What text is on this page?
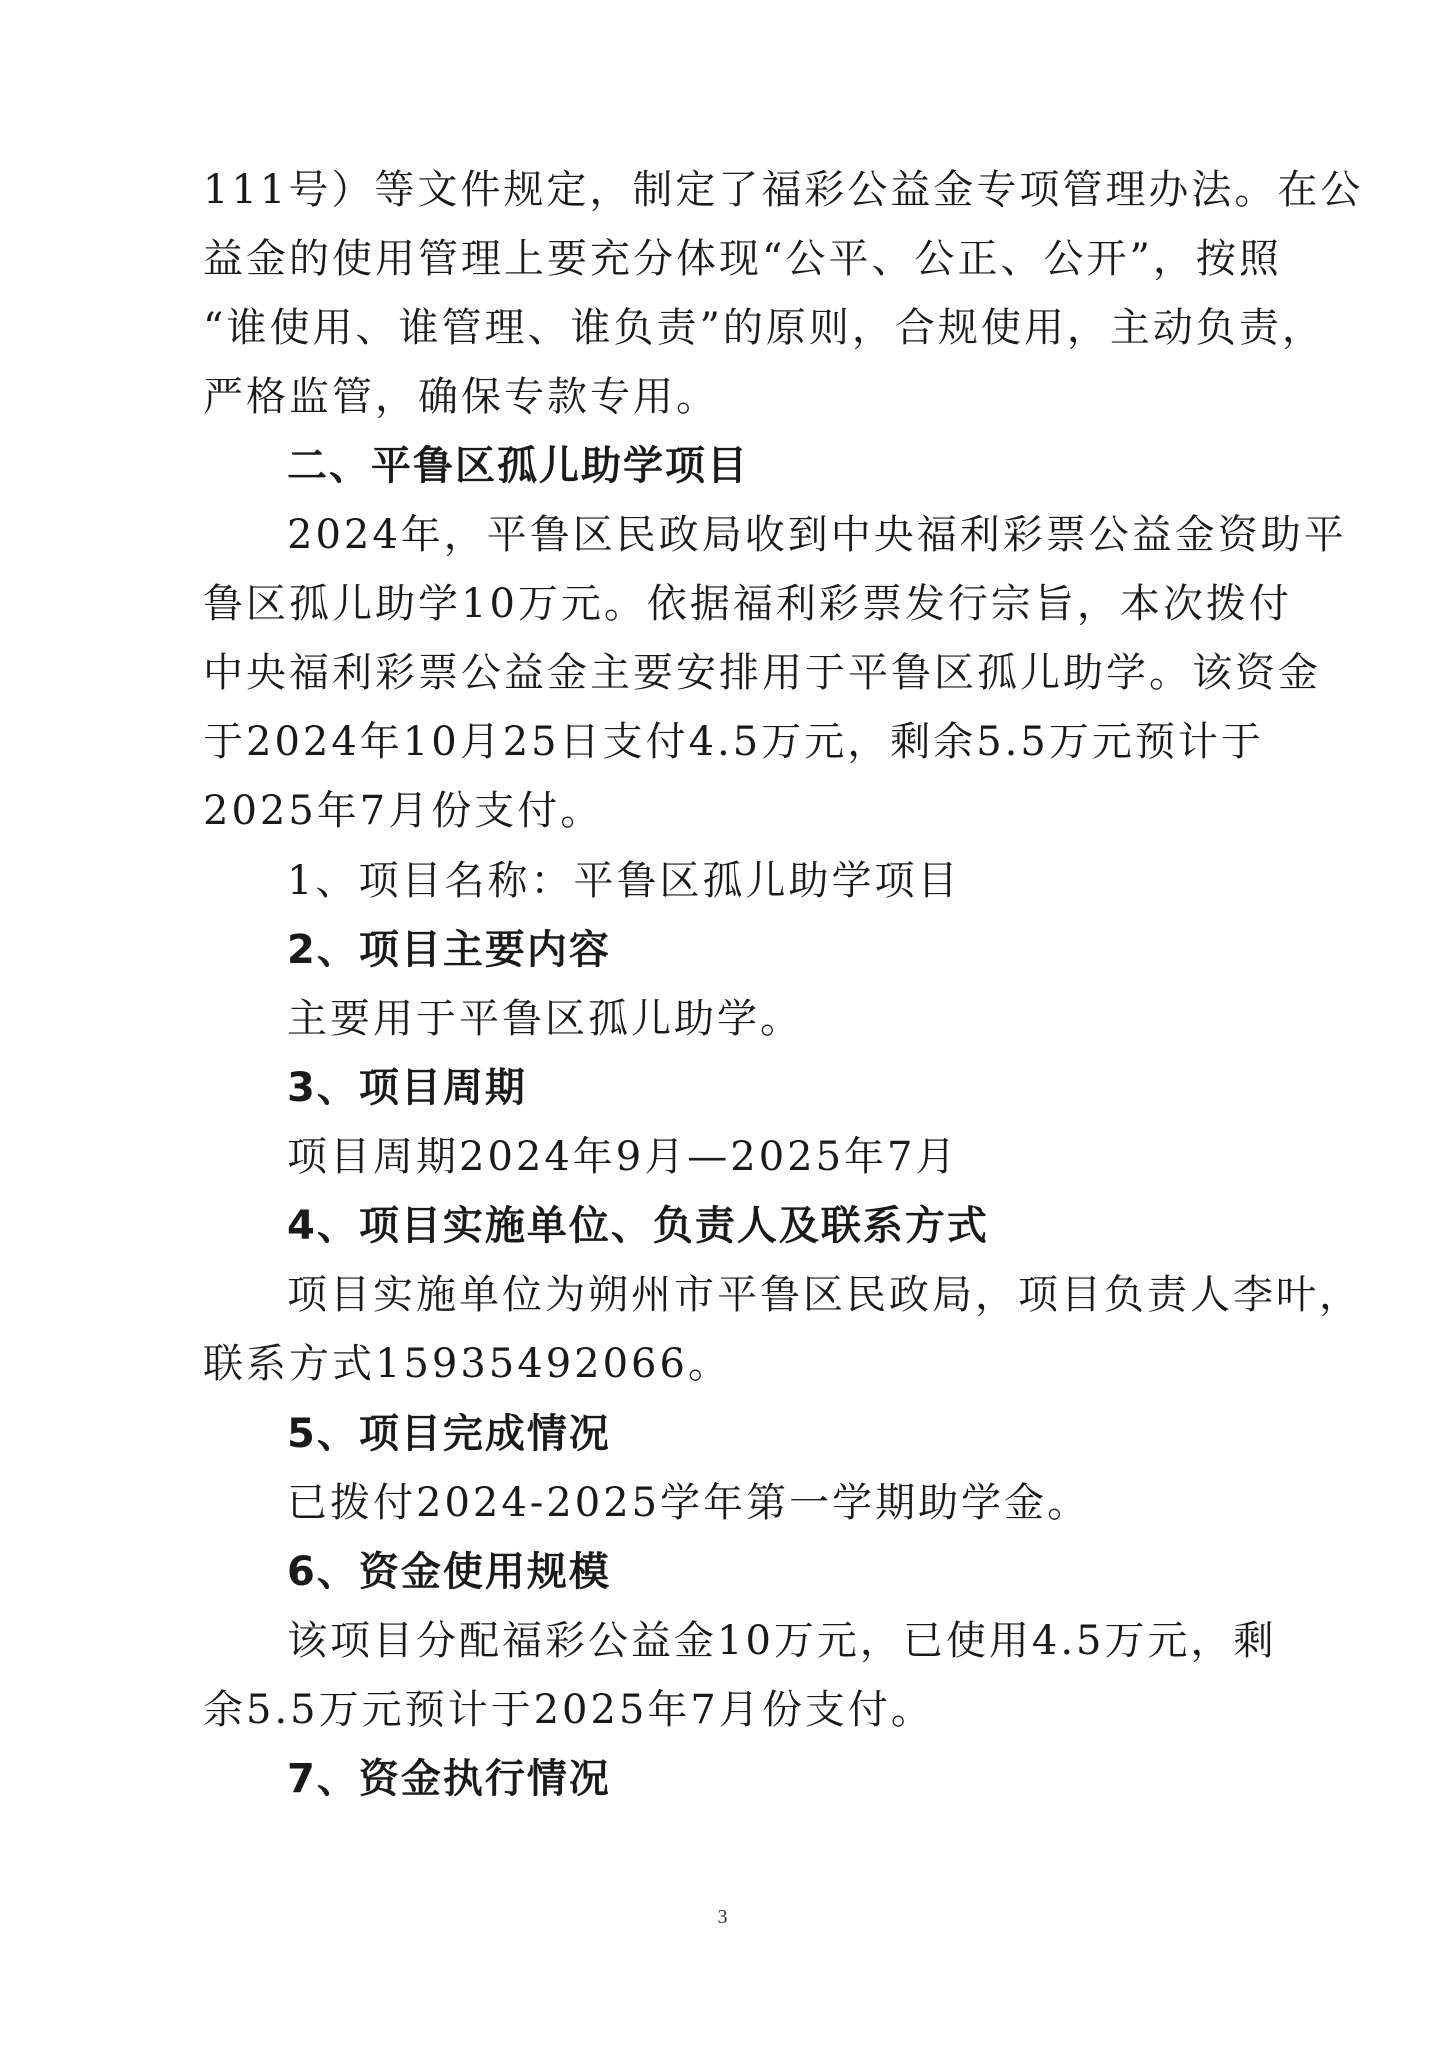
111号）等文件规定，制定了福彩公益金专项管理办法。在公
益金的使用管理上要充分体现“公平、公正、公开”，按照
“谁使用、谁管理、谁负责”的原则，合规使用，主动负责，
严格监管，确保专款专用。
二、平鲁区孤儿助学项目
2024年，平鲁区民政局收到中央福利彩票公益金资助平
鲁区孤儿助学10万元。依据福利彩票发行宗旨，本次拨付
中央福利彩票公益金主要安排用于平鲁区孤儿助学。该资金
于2024年10月25日支付4.5万元，剩余5.5万元预计于
2025年7月份支付。
1、项目名称：平鲁区孤儿助学项目
2、项目主要内容
主要用于平鲁区孤儿助学。
3、项目周期
项目周期2024年9月—2025年7月
4、项目实施单位、负责人及联系方式
项目实施单位为朔州市平鲁区民政局，项目负责人李叶，
联系方式15935492066。
5、项目完成情况
已拨付2024-2025学年第一学期助学金。
6、资金使用规模
该项目分配福彩公益金10万元，已使用4.5万元，剩
余5.5万元预计于2025年7月份支付。
7、资金执行情况
3
